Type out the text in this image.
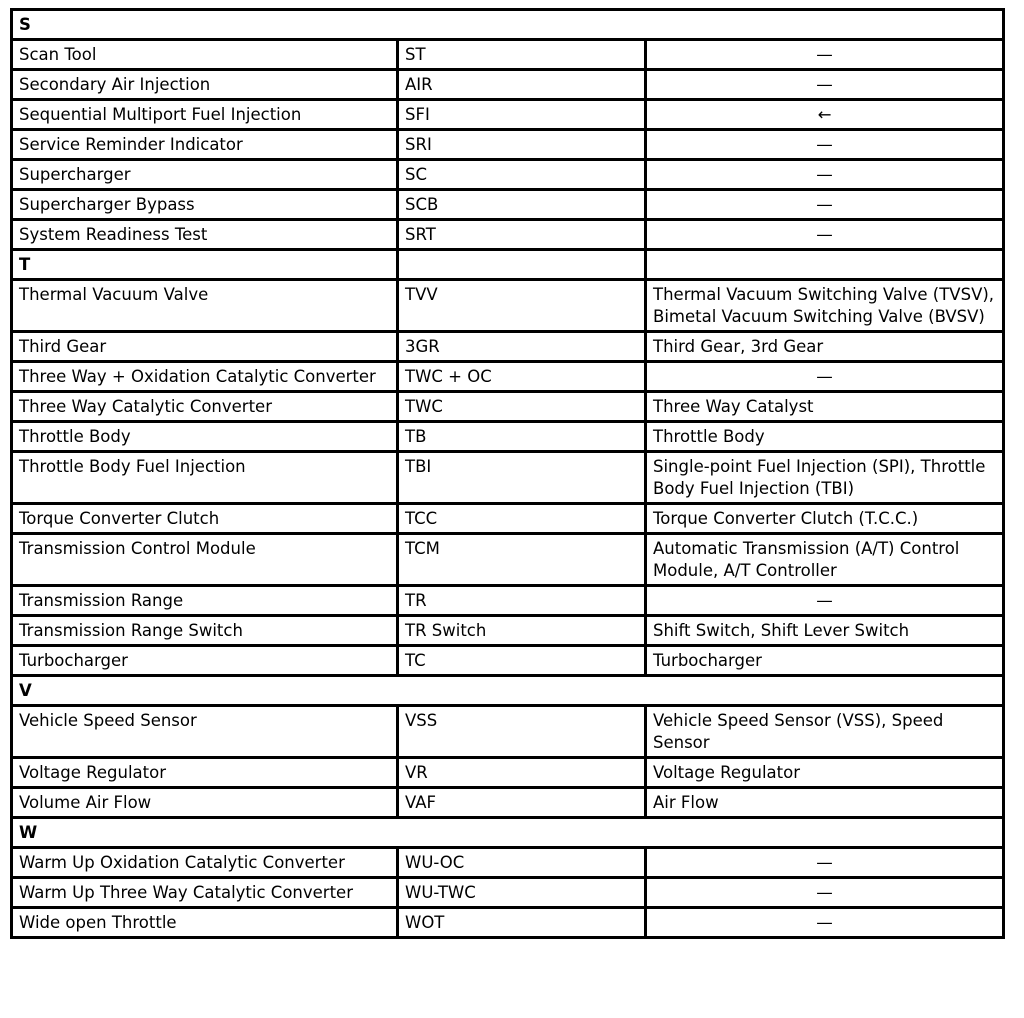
S		
Scan Tool	ST	—
Secondary Air Injection	AIR	—
Sequential Multiport Fuel Injection	SFI	←
Service Reminder Indicator	SRI	—
Supercharger	SC	—
Supercharger Bypass	SCB	—
System Readiness Test	SRT	—
T		
Thermal Vacuum Valve	TVV	Thermal Vacuum Switching Valve (TVSV), Bimetal Vacuum Switching Valve (BVSV)
Third Gear	3GR	Third Gear, 3rd Gear
Three Way + Oxidation Catalytic Converter	TWC + OC	—
Three Way Catalytic Converter	TWC	Three Way Catalyst
Throttle Body	TB	Throttle Body
Throttle Body Fuel Injection	TBI	Single-point Fuel Injection (SPI), Throttle Body Fuel Injection (TBI)
Torque Converter Clutch	TCC	Torque Converter Clutch (T.C.C.)
Transmission Control Module	TCM	Automatic Transmission (A/T) Control Module, A/T Controller
Transmission Range	TR	—
Transmission Range Switch	TR Switch	Shift Switch, Shift Lever Switch
Turbocharger	TC	Turbocharger
V		
Vehicle Speed Sensor	VSS	Vehicle Speed Sensor (VSS), Speed Sensor
Voltage Regulator	VR	Voltage Regulator
Volume Air Flow	VAF	Air Flow
W		
Warm Up Oxidation Catalytic Converter	WU-OC	—
Warm Up Three Way Catalytic Converter	WU-TWC	—
Wide open Throttle	WOT	—
